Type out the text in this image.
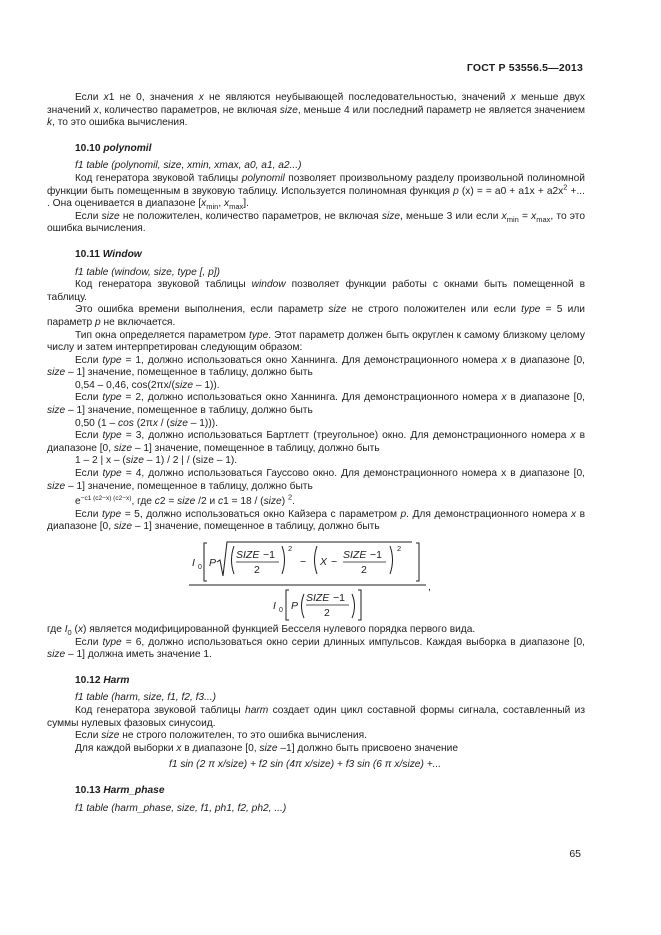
ГОСТ Р 53556.5—2013

Если x1 не 0, значения x не являются неубывающей последовательностью, значений x меньше двух значений x, количество параметров, не включая size, меньше 4 или последний параметр не является значением k, то это ошибка вычисления.

10.10 polynomil

f1 table (polynomil, size, xmin, xmax, a0, a1, a2...)

Код генератора звуковой таблицы polynomil позволяет произвольному разделу произвольной полиномной функции быть помещенным в звуковую таблицу. Используется полиномная функция p (x) = = $a0 + a1x + a2x^2$ +... . Она оценивается в диапазоне [$x_{min}$, $x_{max}$].

Если size не положителен, количество параметров, не включая size, меньше 3 или если $x_{min} = x_{max}$, то это ошибка вычисления.

10.11 Window

f1 table (window, size, type [, p])

Код генератора звуковой таблицы window позволяет функции работы с окнами быть помещенной в таблицу.

Это ошибка времени выполнения, если параметр size не строго положителен или если type = 5 или параметр p не включается.

Тип окна определяется параметром type. Этот параметр должен быть округлен к самому близкому целому числу и затем интерпретирован следующим образом:

Если type = 1, должно использоваться окно Ханнинга. Для демонстрационного номера x в диапазоне [0, size – 1] значение, помещенное в таблицу, должно быть

0,54 – 0,46, cos(2πx/(size – 1)).

Если type = 2, должно использоваться окно Ханнинга. Для демонстрационного номера x в диапазоне [0, size – 1] значение, помещенное в таблицу, должно быть

0,50 (1 – cos (2πx / (size – 1))).

Если type = 3, должно использоваться Бартлетт (треугольное) окно. Для демонстрационного номера x в диапазоне [0, size – 1] значение, помещенное в таблицу, должно быть

1 – 2 | x – (size – 1) / 2 | / (size – 1).

Если type = 4, должно использоваться Гауссово окно. Для демонстрационного номера x в диапазоне [0, size – 1] значение, помещенное в таблицу, должно быть

$e^{-c1 (c2-x) (c2-x)}$, где c2 = size /2 и c1 = 18 / (size) $^2$.

Если type = 5, должно использоваться окно Кайзера с параметром p. Для демонстрационного номера x в диапазоне [0, size – 1] значение, помещенное в таблицу, должно быть

I 0 P
SIZE −1
2
2
− X −
SIZE −1
2
2
,
I 0 P
SIZE −1
2

где $I_0$ (x) является модифицированной функцией Бесселя нулевого порядка первого вида.

Если type = 6, должно использоваться окно серии длинных импульсов. Каждая выборка в диапазоне [0, size – 1] должна иметь значение 1.

10.12 Harm

f1 table (harm, size, f1, f2, f3...)

Код генератора звуковой таблицы harm создает один цикл составной формы сигнала, составленный из суммы нулевых фазовых синусоид.

Если size не строго положителен, то это ошибка вычисления.

Для каждой выборки x в диапазоне [0, size –1] должно быть присвоено значение

f1 sin (2 π x/size) + f2 sin (4π x/size) + f3 sin (6 π x/size) +...
10.13 Harm_phase

f1 table (harm_phase, size, f1, ph1, f2, ph2, ...)

65
